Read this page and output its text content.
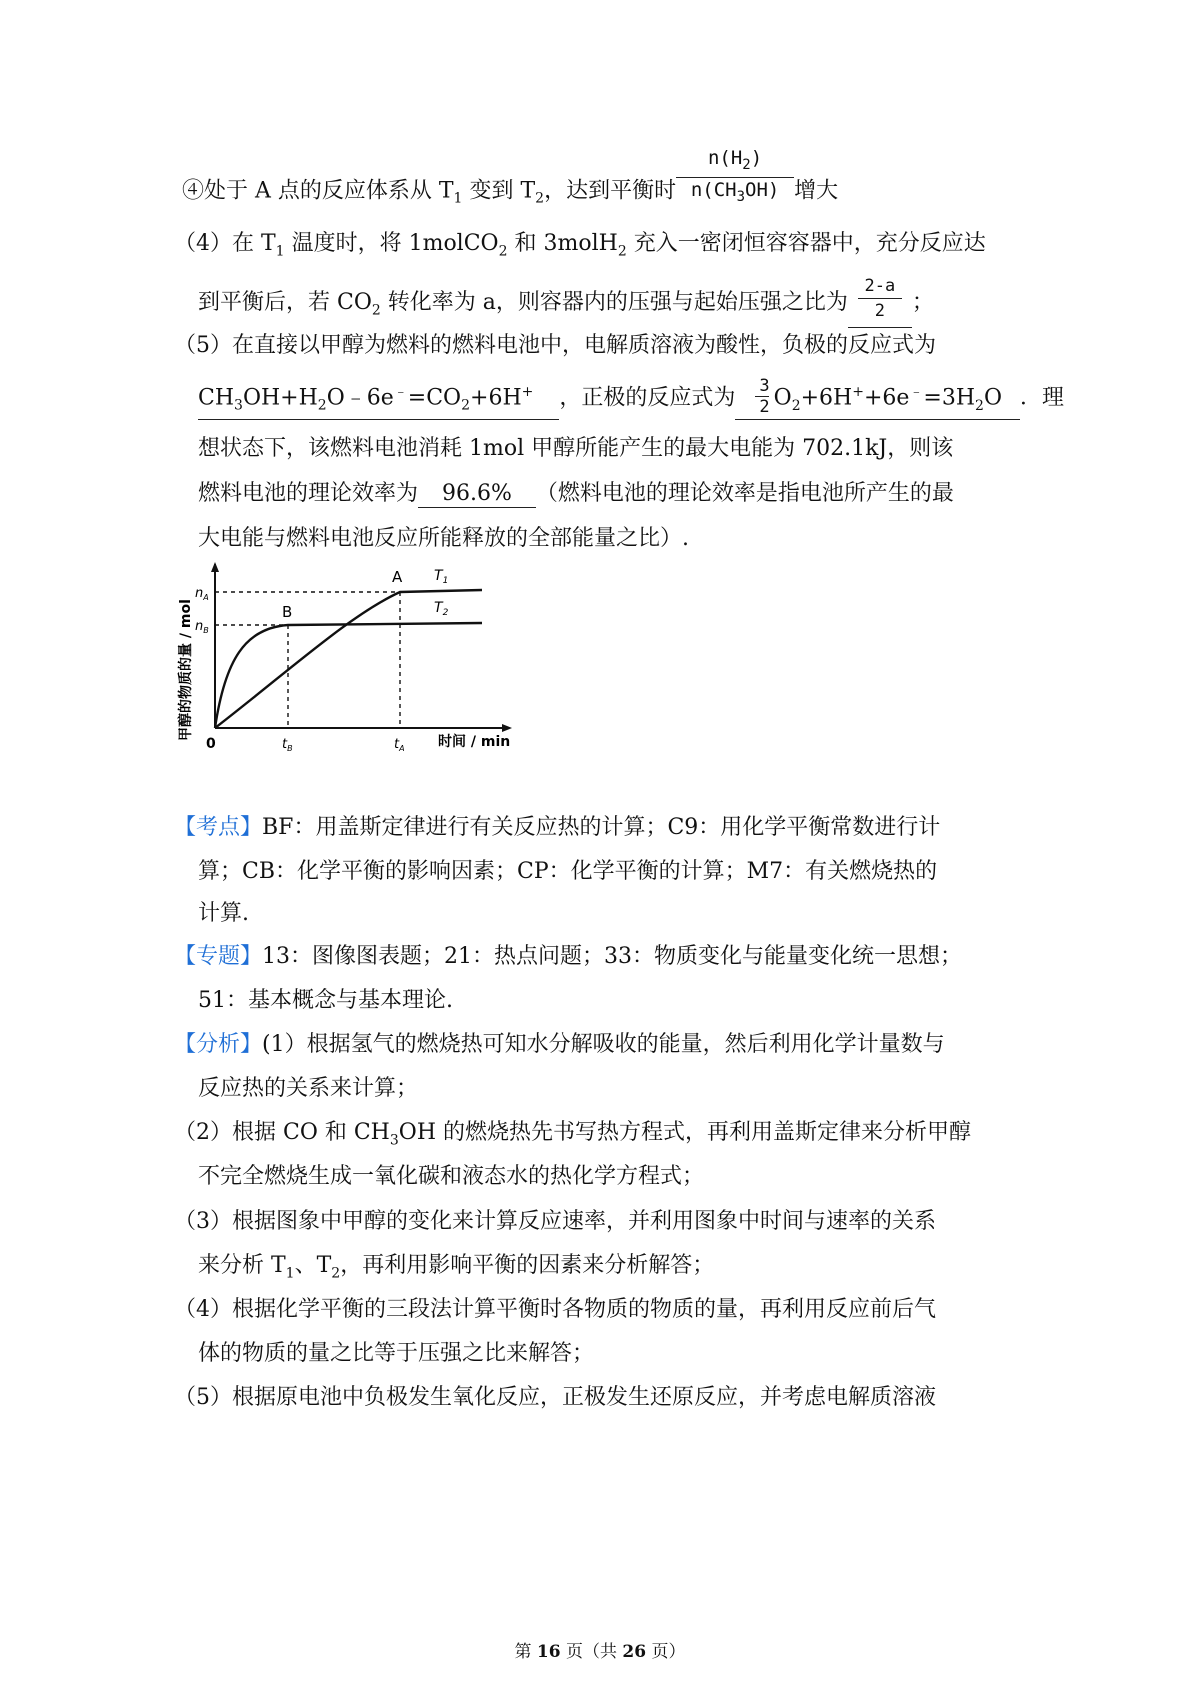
④处于 A 点的反应体系从 $T_1$ 变到 $T_2$，达到平衡时 $\frac{n(H_2)}{n(CH_3OH)}$ 增大
（4）在 $T_1$ 温度时，将 1molCO$_2$ 和 3molH$_2$ 充入一密闭恒容容器中，充分反应达
到平衡后，若 $CO_2$ 转化率为 a，则容器内的压强与起始压强之比为 $\frac{2-a}{2}$ ；
（5）在直接以甲醇为燃料的燃料电池中，电解质溶液为酸性，负极的反应式为
$CH_3OH+H_2O﹣6e^﹣=CO_2+6H^+$ ，正极的反应式为 $\frac{3}{2} O_2+6H^++6e^﹣=3H_2O$ ．理
想状态下，该燃料电池消耗 1mol 甲醇所能产生的最大电能为 702.1kJ，则该
燃料电池的理论效率为 96.6% （燃料电池的理论效率是指电池所产生的最
大电能与燃料电池反应所能释放的全部能量之比）.
甲醇的物质的量 / mol
A
B
$T_1$
$T_2$
$n_A$
$n_B$
0	$t_B$	$t_A$ 时间 / min
【考点】BF：用盖斯定律进行有关反应热的计算；C9：用化学平衡常数进行计
算；CB：化学平衡的影响因素；CP：化学平衡的计算；M7：有关燃烧热的
计算.
【专题】13：图像图表题；21：热点问题；33：物质变化与能量变化统一思想；
51：基本概念与基本理论.
【分析】(1）根据氢气的燃烧热可知水分解吸收的能量，然后利用化学计量数与
反应热的关系来计算；
（2）根据 CO 和 $CH_3OH$ 的燃烧热先书写热方程式，再利用盖斯定律来分析甲醇
不完全燃烧生成一氧化碳和液态水的热化学方程式；
（3）根据图象中甲醇的变化来计算反应速率，并利用图象中时间与速率的关系
来分析 $T_1$、$T_2$，再利用影响平衡的因素来分析解答；
（4）根据化学平衡的三段法计算平衡时各物质的物质的量，再利用反应前后气
体的物质的量之比等于压强之比来解答；
（5）根据原电池中负极发生氧化反应，正极发生还原反应，并考虑电解质溶液
第 16 页（共 26 页）
